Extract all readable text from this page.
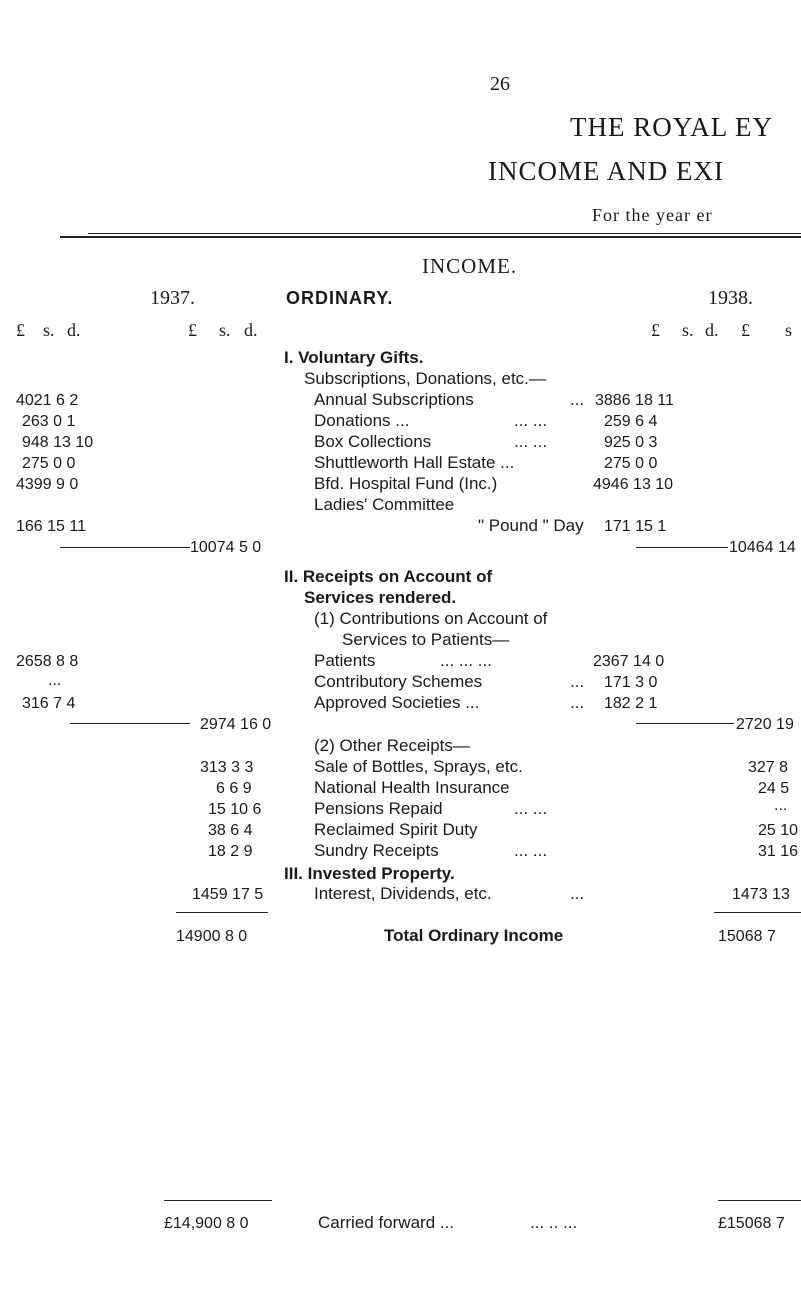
26
THE ROYAL EY
INCOME AND EXI
For the year er
INCOME.
1937.	ORDINARY.	1938.
£ s. d.	£ s. d.	£ s. d. £ s
I. Voluntary Gifts.
Subscriptions, Donations, etc.—
4021 6 2	Annual Subscriptions	... 3886 18 11
263 0 1	Donations ...	... ...	259 6 4
948 13 10	Box Collections	... ...	925 0 3
275 0 0	Shuttleworth Hall Estate ...	275 0 0
4399 9 0	Bfd. Hospital Fund (Inc.)	4946 13 10
Ladies' Committee
166 15 11	" Pound " Day 171 15 1
10074 5 0	10464 14
II. Receipts on Account of
Services rendered.
(1) Contributions on Account of
Services to Patients—
2658 8 8	Patients	... ... ...	2367 14 0
...	Contributory Schemes	... 171 3 0
316 7 4	Approved Societies ...	... 182 2 1
2974 16 0	2720 19
(2) Other Receipts—
313 3 3	Sale of Bottles, Sprays, etc.	327 8
6 6 9	National Health Insurance	24 5
15 10 6	Pensions Repaid	... ...	...
38 6 4	Reclaimed Spirit Duty	25 10
18 2 9	Sundry Receipts	... ...	31 16
III. Invested Property.
1459 17 5	Interest, Dividends, etc.	...	1473 13
14900 8 0	Total Ordinary Income	15068 7
£14,900 8 0	Carried forward ...	... .. ...	£15068 7
